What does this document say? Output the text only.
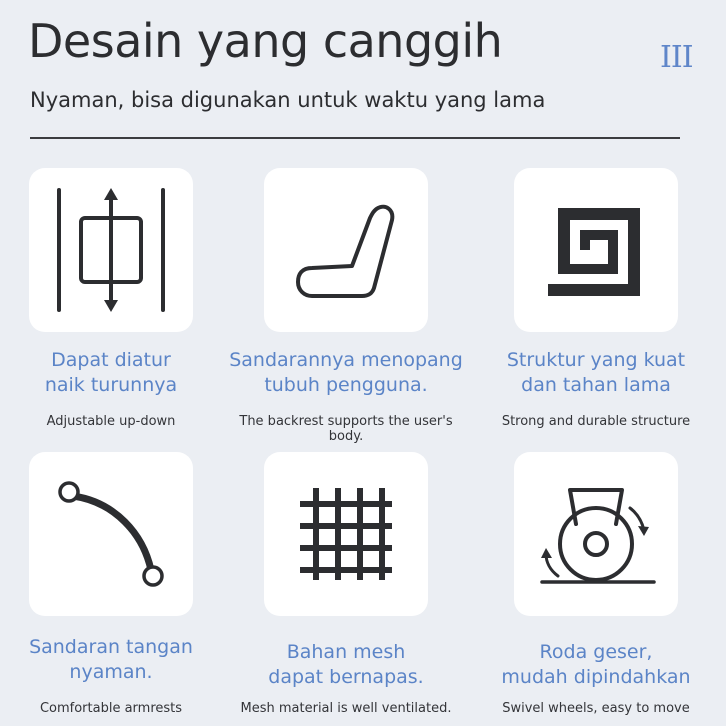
Desain yang canggih	III
Nyaman, bisa digunakan untuk waktu yang lama
Dapat diatur
naik turunnya
Adjustable up-down
Sandarannya menopang
tubuh pengguna.
The backrest supports the user's body.
Struktur yang kuat
dan tahan lama
Strong and durable structure
Sandaran tangan
nyaman.
Comfortable armrests
Bahan mesh
dapat bernapas.
Mesh material is well ventilated.
Roda geser,
mudah dipindahkan
Swivel wheels, easy to move
